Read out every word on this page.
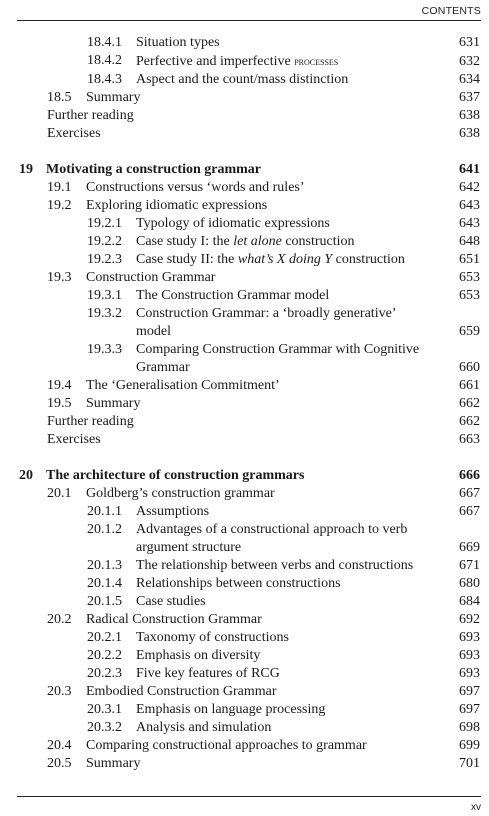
CONTENTS
18.4.1 Situation types	631
18.4.2 Perfective and imperfective processes	632
18.4.3 Aspect and the count/mass distinction	634
18.5 Summary	637
Further reading	638
Exercises	638
19 Motivating a construction grammar	641
19.1 Constructions versus ‘words and rules’	642
19.2 Exploring idiomatic expressions	643
19.2.1 Typology of idiomatic expressions	643
19.2.2 Case study I: the let alone construction	648
19.2.3 Case study II: the what’s X doing Y construction	651
19.3 Construction Grammar	653
19.3.1 The Construction Grammar model	653
19.3.2 Construction Grammar: a ‘broadly generative’ model	659
19.3.3 Comparing Construction Grammar with Cognitive Grammar	660
19.4 The ‘Generalisation Commitment’	661
19.5 Summary	662
Further reading	662
Exercises	663
20 The architecture of construction grammars	666
20.1 Goldberg’s construction grammar	667
20.1.1 Assumptions	667
20.1.2 Advantages of a constructional approach to verb argument structure	669
20.1.3 The relationship between verbs and constructions	671
20.1.4 Relationships between constructions	680
20.1.5 Case studies	684
20.2 Radical Construction Grammar	692
20.2.1 Taxonomy of constructions	693
20.2.2 Emphasis on diversity	693
20.2.3 Five key features of RCG	693
20.3 Embodied Construction Grammar	697
20.3.1 Emphasis on language processing	697
20.3.2 Analysis and simulation	698
20.4 Comparing constructional approaches to grammar	699
20.5 Summary	701
xv
